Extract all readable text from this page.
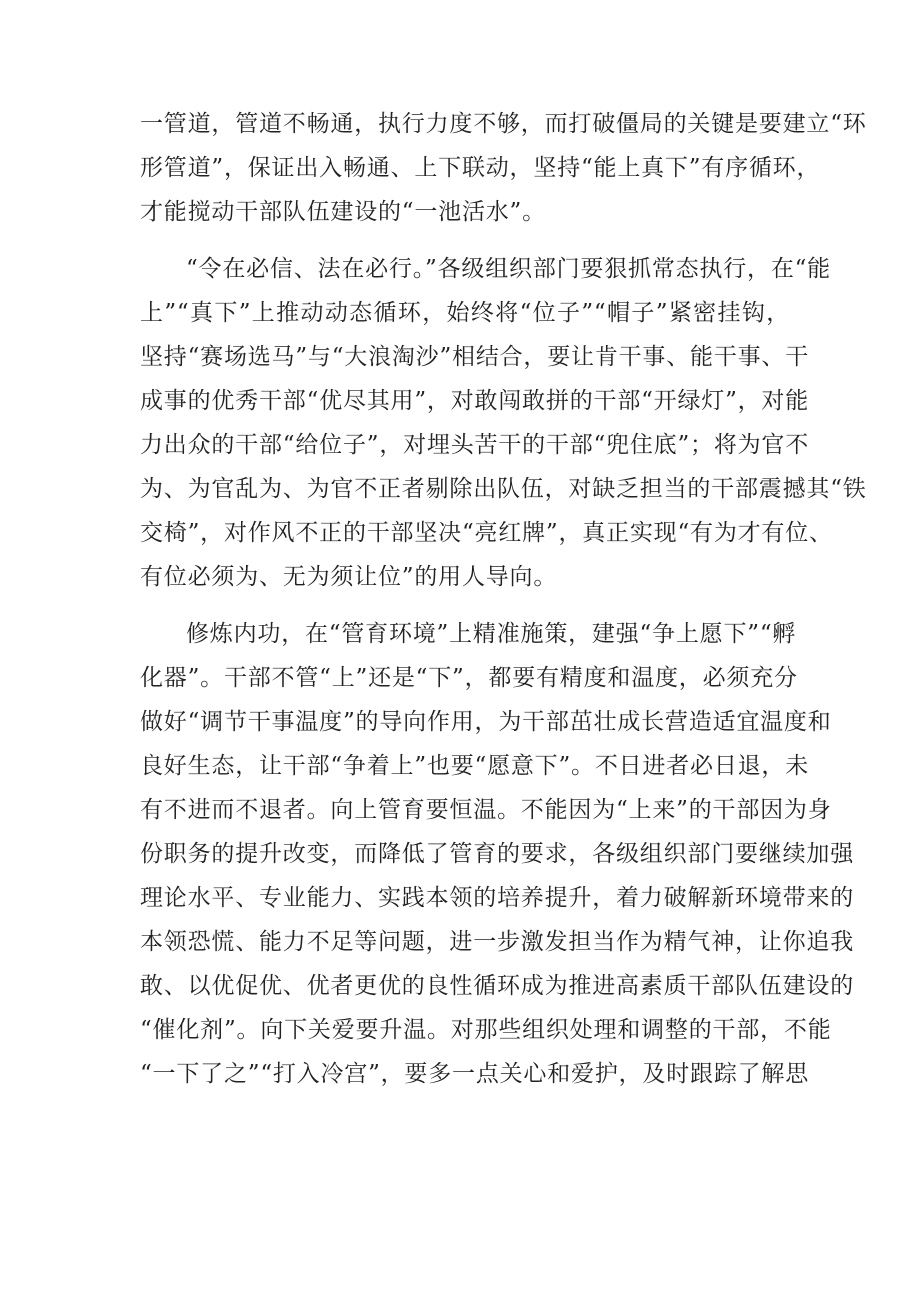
一管道，管道不畅通，执行力度不够，而打破僵局的关键是要建立“环
形管道”，保证出入畅通、上下联动，坚持“能上真下”有序循环，
才能搅动干部队伍建设的“一池活水”。
“令在必信、法在必行。”各级组织部门要狠抓常态执行，在“能
上”“真下”上推动动态循环，始终将“位子”“帽子”紧密挂钩，
坚持“赛场选马”与“大浪淘沙”相结合，要让肯干事、能干事、干
成事的优秀干部“优尽其用”，对敢闯敢拼的干部“开绿灯”，对能
力出众的干部“给位子”，对埋头苦干的干部“兜住底”；将为官不
为、为官乱为、为官不正者剔除出队伍，对缺乏担当的干部震撼其“铁
交椅”，对作风不正的干部坚决“亮红牌”，真正实现“有为才有位、
有位必须为、无为须让位”的用人导向。
修炼内功，在“管育环境”上精准施策，建强“争上愿下”“孵
化器”。干部不管“上”还是“下”，都要有精度和温度，必须充分
做好“调节干事温度”的导向作用，为干部茁壮成长营造适宜温度和
良好生态，让干部“争着上”也要“愿意下”。不日进者必日退，未
有不进而不退者。向上管育要恒温。不能因为“上来”的干部因为身
份职务的提升改变，而降低了管育的要求，各级组织部门要继续加强
理论水平、专业能力、实践本领的培养提升，着力破解新环境带来的
本领恐慌、能力不足等问题，进一步激发担当作为精气神，让你追我
敢、以优促优、优者更优的良性循环成为推进高素质干部队伍建设的
“催化剂”。向下关爱要升温。对那些组织处理和调整的干部，不能
“一下了之”“打入冷宫”，要多一点关心和爱护，及时跟踪了解思
